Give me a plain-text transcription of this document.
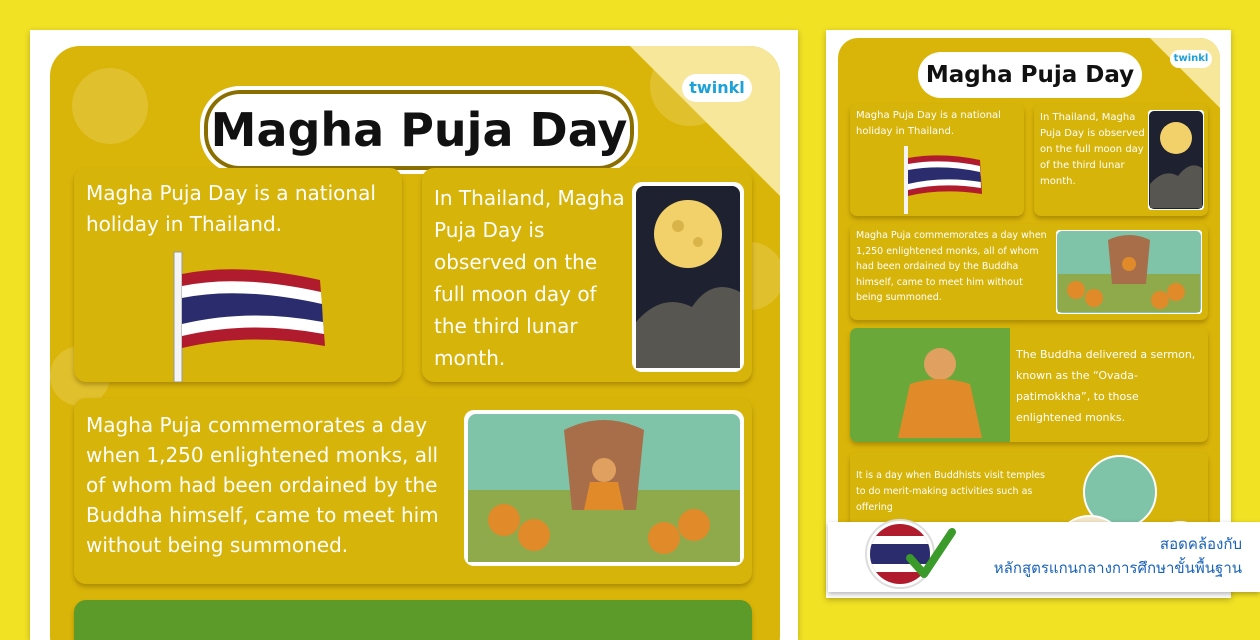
Magha Puja Day
twinkl
Magha Puja Day is a national holiday in Thailand.
In Thailand, Magha Puja Day is observed on the full moon day of the third lunar month.
Magha Puja commemorates a day when 1,250 enlightened monks, all of whom had been ordained by the Buddha himself, came to meet him without being summoned.
Magha Puja Day
twinkl
Magha Puja Day is a national holiday in Thailand.
In Thailand, Magha Puja Day is observed on the full moon day of the third lunar month.
Magha Puja commemorates a day when 1,250 enlightened monks, all of whom had been ordained by the Buddha himself, came to meet him without being summoned.
The Buddha delivered a sermon, known as the “Ovada-patimokkha”, to those enlightened monks.
It is a day when Buddhists visit temples to do merit-making activities such as offering
สอดคล้องกับ
หลักสูตรแกนกลางการศึกษาขั้นพื้นฐาน
